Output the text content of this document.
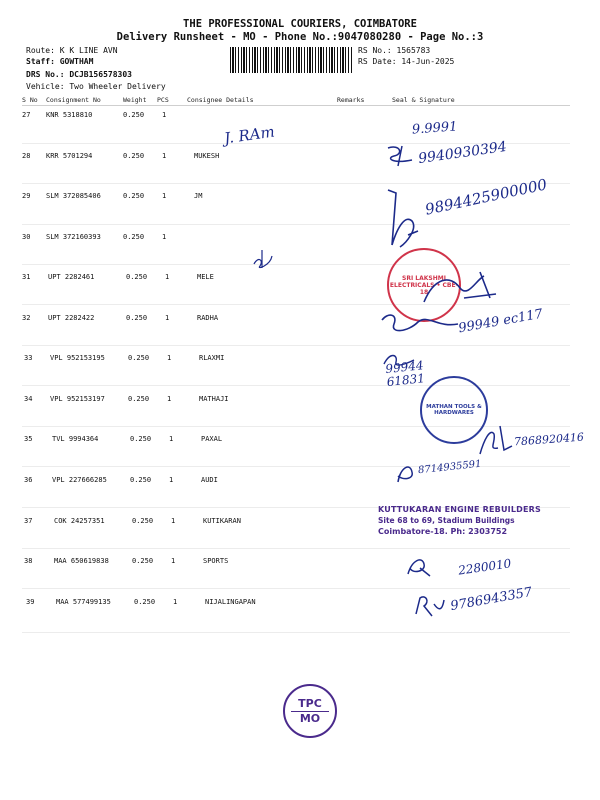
THE PROFESSIONAL COURIERS, COIMBATORE
Delivery Runsheet - MO - Phone No.:9047080280 - Page No.:3
Route: K K LINE AVN
Staff: GOWTHAM
DRS No.: DCJB156578303
Vehicle: Two Wheeler Delivery
RS No.: 1565783
RS Date: 14-Jun-2025
S No Consignment No	Weight PCS	Consignee Details	Remarks	Seal & Signature
27 KNR 5318810	0.250	1
28 KRR 5701294	0.250	1	MUKESH
29 SLM 372085406	0.250	1	JM
30 SLM 372160393	0.250	1
31	UPT 2282461	0.250	1	MELE
32	UPT 2282422	0.250	1	RADHA
33	VPL 952153195	0.250	1	RLAXMI
34	VPL 952153197	0.250	1	MATHAJI
35	TVL 9994364	0.250	1	PAXAL
36	VPL 227666285	0.250	1	AUDI
37	COK 24257351	0.250	1	KUTIKARAN
38	MAA 650619838	0.250	1	SPORTS
39	MAA 577499135	0.250	1	NIJALINGAPAN
J. RAm	9.9991
9940930394
9894425900000
SRI LAKSHMI ELECTRICALS • CBE-18
99949 ec117
99944 61831
MATHAN TOOLS & HARDWARES
7868920416
8714935591
KUTTUKARAN ENGINE REBUILDERS
Site 68 to 69, Stadium Buildings
Coimbatore-18. Ph: 2303752
2280010
9786943357
TPC
MO
